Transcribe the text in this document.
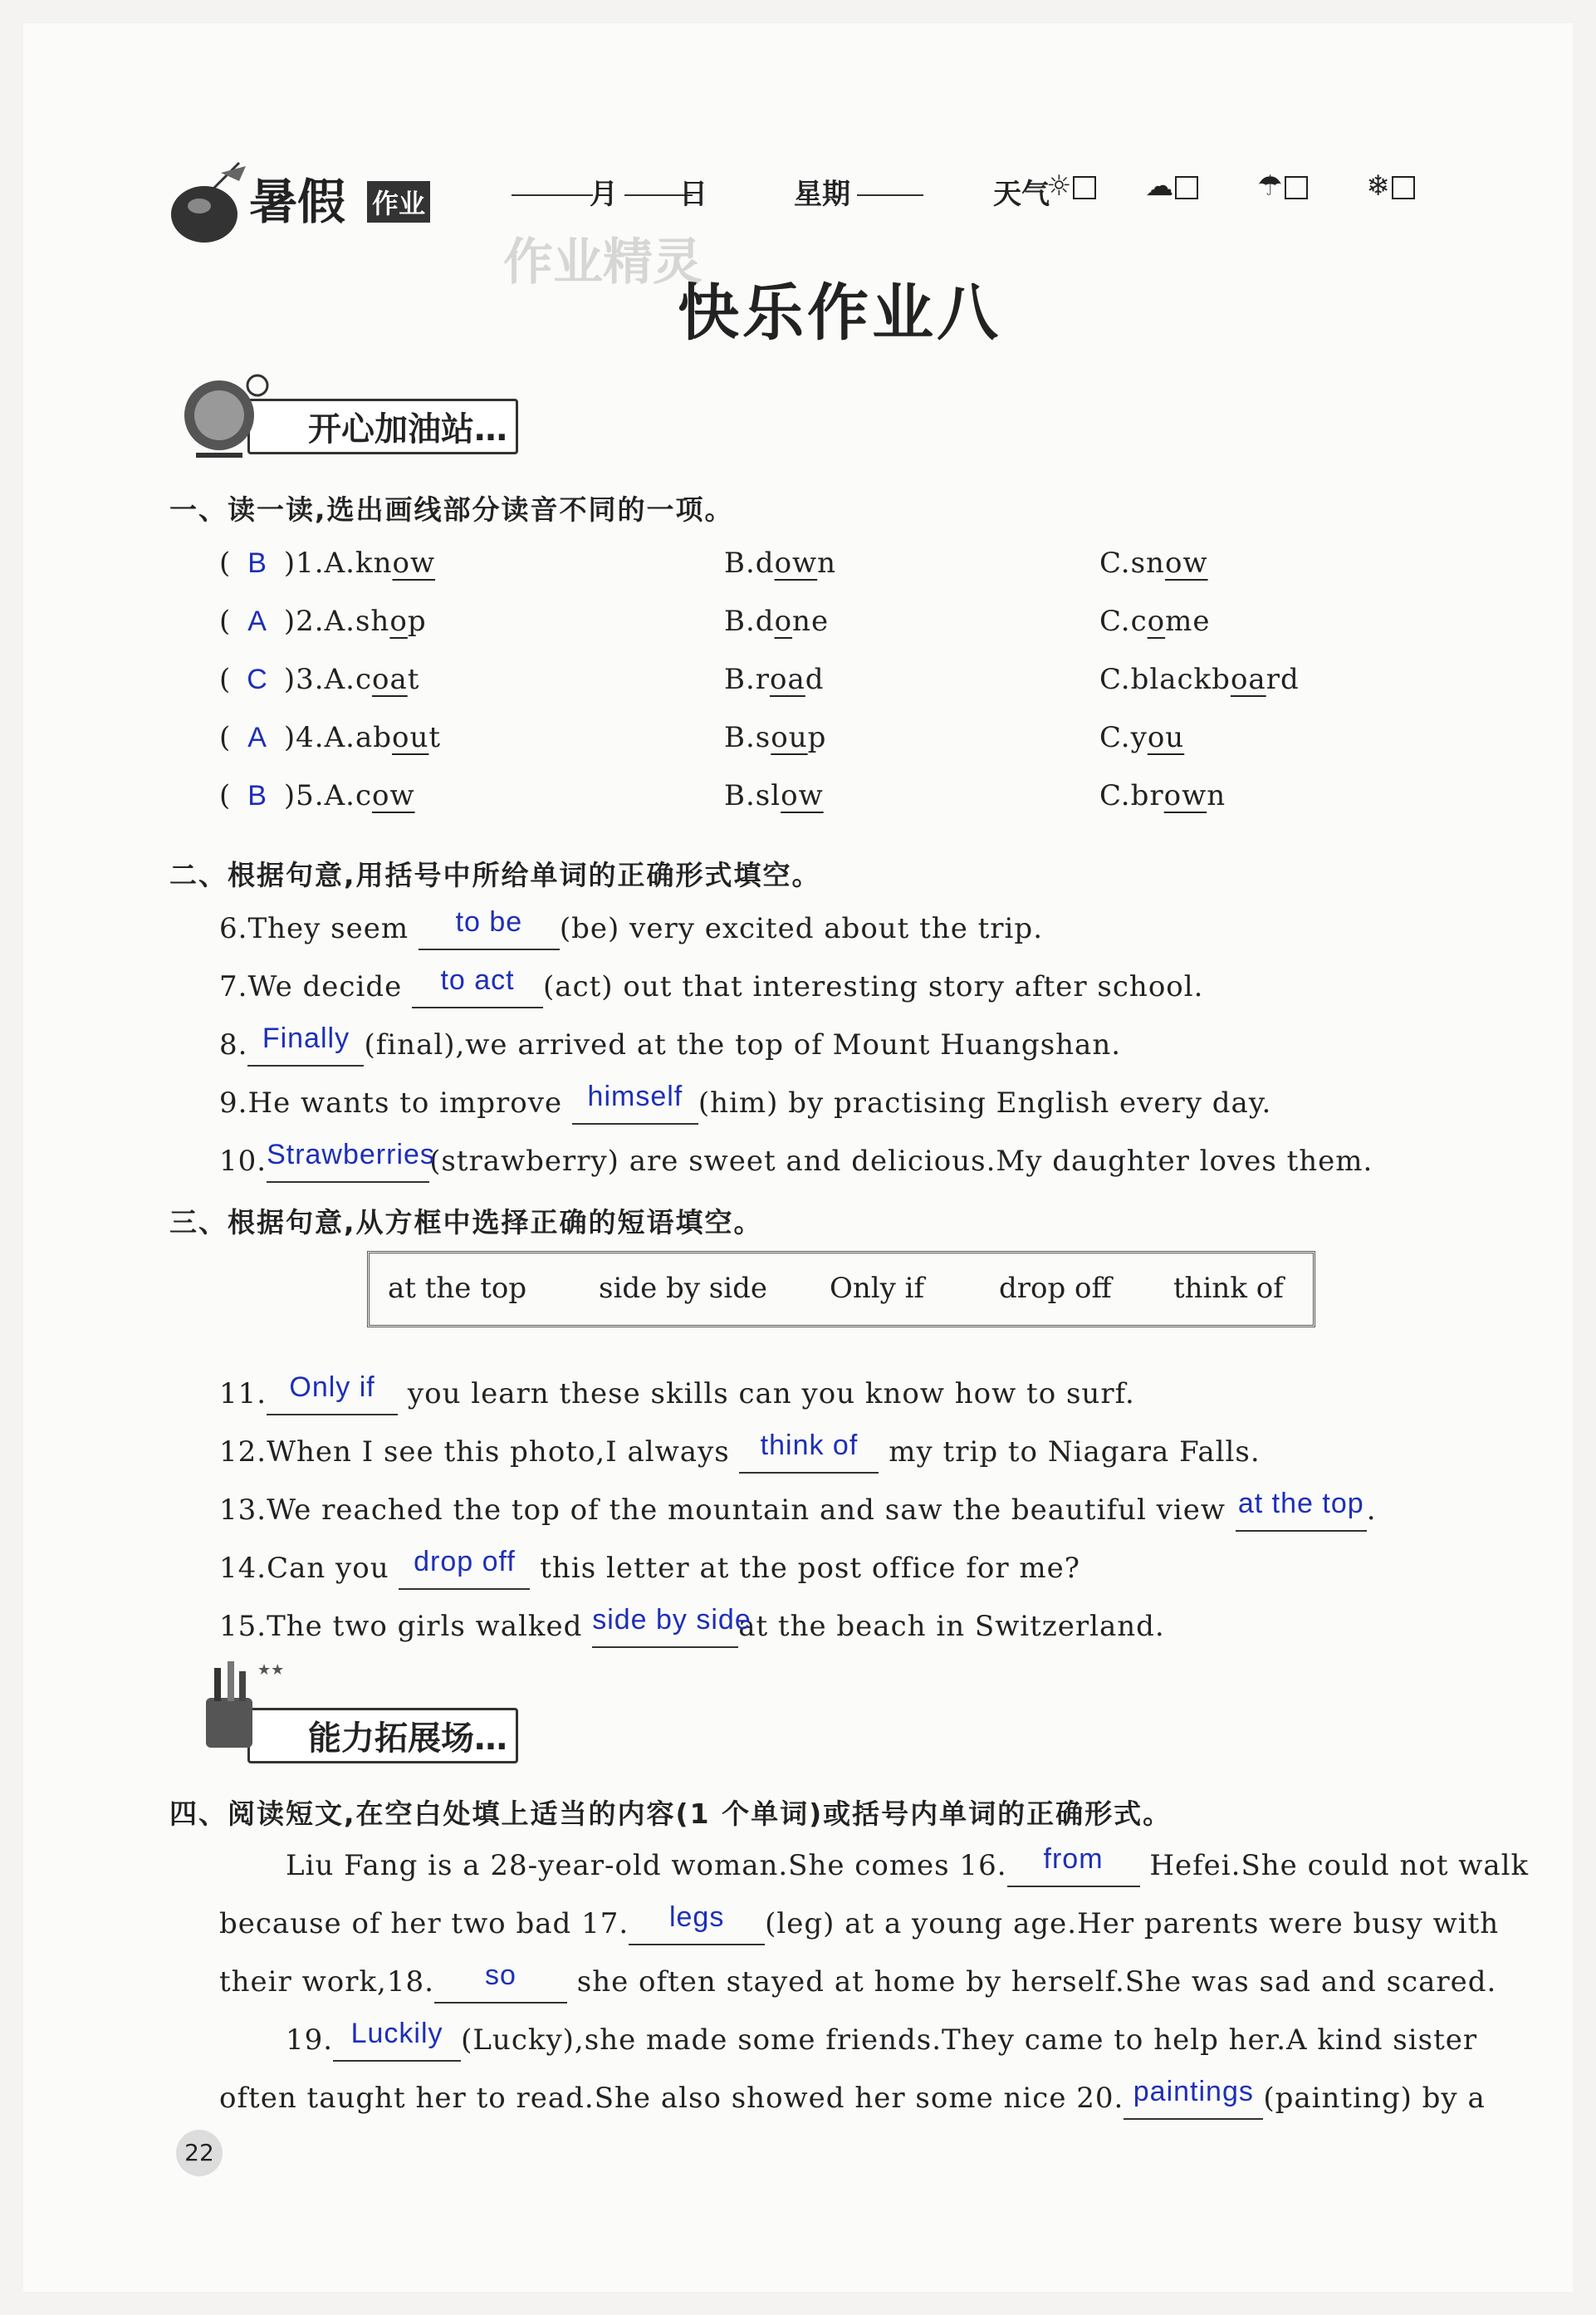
暑假 作业	月 日	星期	天气
☼	☁	☂	❄
作业精灵
快乐作业八
开心加油站…
一、读一读,选出画线部分读音不同的一项。
( B )1.A.know	B.down	C.snow
( A )2.A.shop	B.done	C.come
( C )3.A.coat	B.road	C.blackboard
( A )4.A.about	B.soup	C.you
( B )5.A.cow	B.slow	C.brown
二、根据句意,用括号中所给单词的正确形式填空。
6.They seem to be (be) very excited about the trip.
7.We decide to act (act) out that interesting story after school.
8. Finally (final),we arrived at the top of Mount Huangshan.
9.He wants to improve himself (him) by practising English every day.
10.Strawberries(strawberry) are sweet and delicious.My daughter loves them.
三、根据句意,从方框中选择正确的短语填空。
at the top	side by side Only if	drop off think of
11. Only if you learn these skills can you know how to surf.
12.When I see this photo,I always think of my trip to Niagara Falls.
13.We reached the top of the mountain and saw the beautiful view at the top.
14.Can you drop off this letter at the post office for me?
15.The two girls walked side by sideat the beach in Switzerland.
能力拓展场…
★★
四、阅读短文,在空白处填上适当的内容(1 个单词)或括号内单词的正确形式。
Liu Fang is a 28-year-old woman.She comes 16. from Hefei.She could not walk
because of her two bad 17. legs (leg) at a young age.Her parents were busy with
their work,18. so she often stayed at home by herself.She was sad and scared.
19. Luckily (Lucky),she made some friends.They came to help her.A kind sister
often taught her to read.She also showed her some nice 20. paintings (painting) by a
22
